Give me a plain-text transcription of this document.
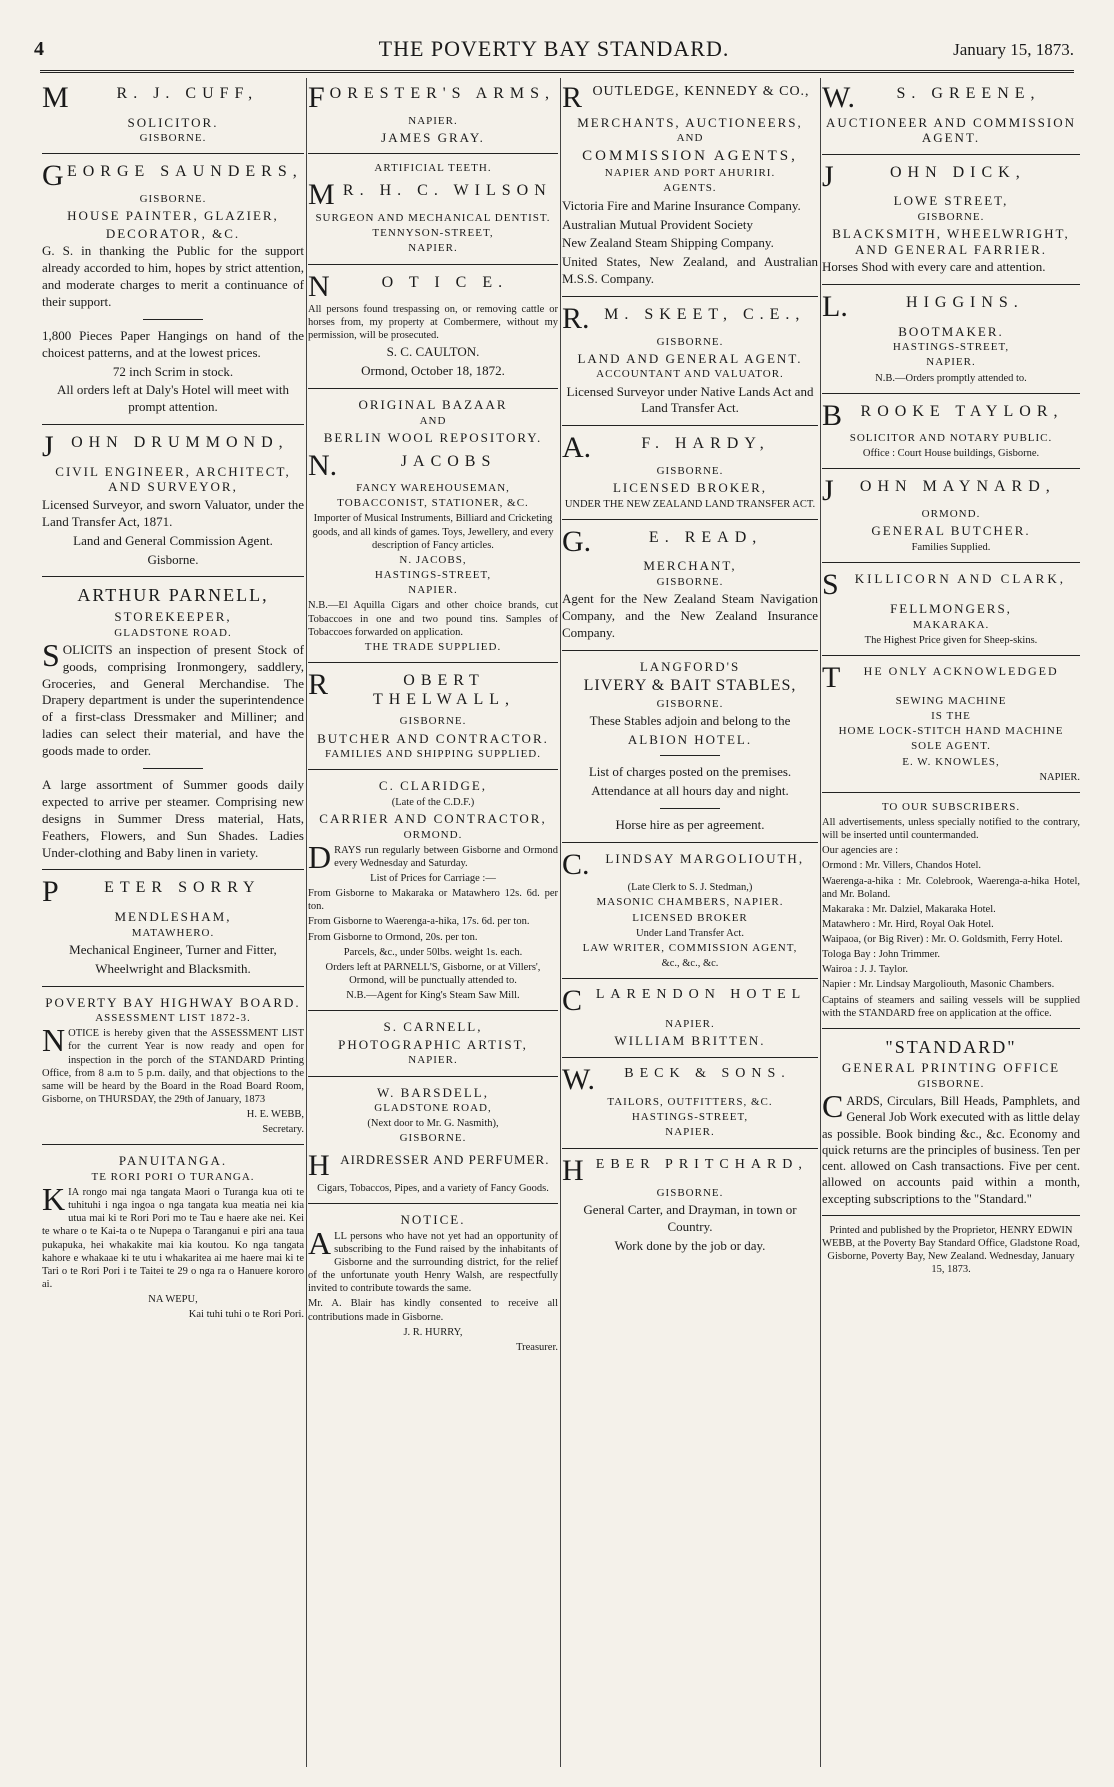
4	THE POVERTY BAY STANDARD.	January 15, 1873.
M	R. J. CUFF,

SOLICITOR.

GISBORNE.

GEORGE SAUNDERS,

GISBORNE.

HOUSE PAINTER, GLAZIER,

DECORATOR, &C.

G. S. in thanking the Public for the support already accorded to him, hopes by strict attention, and moderate charges to merit a continuance of their support.

1,800 Pieces Paper Hangings on hand of the choicest patterns, and at the lowest prices.

72 inch Scrim in stock.

All orders left at Daly's Hotel will meet with prompt attention.

J OHN DRUMMOND,

CIVIL ENGINEER, ARCHITECT, AND SURVEYOR,

Licensed Surveyor, and sworn Valuator, under the Land Transfer Act, 1871.

Land and General Commission Agent.

Gisborne.

ARTHUR PARNELL,

STOREKEEPER,

GLADSTONE ROAD.

SOLICITS an inspection of present Stock of goods, comprising Ironmongery, saddlery, Groceries, and General Merchandise. The Drapery department is under the superintendence of a first-class Dressmaker and Milliner; and ladies can select their material, and have the goods made to order.

A large assortment of Summer goods daily expected to arrive per steamer. Comprising new designs in Summer Dress material, Hats, Feathers, Flowers, and Sun Shades. Ladies Under-clothing and Baby linen in variety.

P	ETER SORRY

MENDLESHAM,

MATAWHERO.

Mechanical Engineer, Turner and Fitter,

Wheelwright and Blacksmith.

POVERTY BAY HIGHWAY BOARD.

ASSESSMENT LIST 1872-3.

NOTICE is hereby given that the ASSESSMENT LIST for the current Year is now ready and open for inspection in the porch of the STANDARD Printing Office, from 8 a.m to 5 p.m. daily, and that objections to the same will be heard by the Board in the Road Board Room, Gisborne, on THURSDAY, the 29th of January, 1873

H. E. WEBB,

Secretary.

PANUITANGA.

TE RORI PORI O TURANGA.

KIA rongo mai nga tangata Maori o Turanga kua oti te tuhituhi i nga ingoa o nga tangata kua meatia nei kia utua mai ki te Rori Pori mo te Tau e haere ake nei. Kei te whare o te Kai-ta o te Nupepa o Taranganui e piri ana taua pukapuka, hei whakakite mai kia koutou. Ko nga tangata kahore e whakaae ki te utu i whakaritea ai me haere mai ki te Tari o te Rori Pori i te Taitei te 29 o nga ra o Hanuere kororo ai.

NA WEPU,

Kai tuhi tuhi o te Rori Pori.

FORESTER'S ARMS,

NAPIER.

JAMES GRAY.

ARTIFICIAL TEETH.

M R. H. C. WILSON

SURGEON AND MECHANICAL DENTIST.

TENNYSON-STREET,

NAPIER.

N	O T I C E.

All persons found trespassing on, or removing cattle or horses from, my property at Combermere, without my permission, will be prosecuted.

S. C. CAULTON.

Ormond, October 18, 1872.

ORIGINAL BAZAAR

AND

BERLIN WOOL REPOSITORY.

N.	JACOBS

FANCY WAREHOUSEMAN,

TOBACCONIST, STATIONER, &C.

Importer of Musical Instruments, Billiard and Cricketing goods, and all kinds of games. Toys, Jewellery, and every description of Fancy articles.

N. JACOBS,

HASTINGS-STREET,

NAPIER.

N.B.—El Aquilla Cigars and other choice brands, cut Tobaccoes in one and two pound tins. Samples of Tobaccoes forwarded on application.

THE TRADE SUPPLIED.

R	OBERT THELWALL,

GISBORNE.

BUTCHER AND CONTRACTOR.

FAMILIES AND SHIPPING SUPPLIED.

C. CLARIDGE,

(Late of the C.D.F.)

CARRIER AND CONTRACTOR,

ORMOND.

DRAYS run regularly between Gisborne and Ormond every Wednesday and Saturday.

List of Prices for Carriage :—

From Gisborne to Makaraka or Matawhero 12s. 6d. per ton.

From Gisborne to Waerenga-a-hika, 17s. 6d. per ton.

From Gisborne to Ormond, 20s. per ton.

Parcels, &c., under 50lbs. weight 1s. each.

Orders left at PARNELL'S, Gisborne, or at Villers', Ormond, will be punctually attended to.

N.B.—Agent for King's Steam Saw Mill.

S. CARNELL,

PHOTOGRAPHIC ARTIST,

NAPIER.

W. BARSDELL,

GLADSTONE ROAD,

(Next door to Mr. G. Nasmith),

GISBORNE.

HAIRDRESSER AND PERFUMER.

Cigars, Tobaccos, Pipes, and a variety of Fancy Goods.

NOTICE.

ALL persons who have not yet had an opportunity of subscribing to the Fund raised by the inhabitants of Gisborne and the surrounding district, for the relief of the unfortunate youth Henry Walsh, are respectfully invited to contribute towards the same.

Mr. A. Blair has kindly consented to receive all contributions made in Gisborne.

J. R. HURRY,

Treasurer.

ROUTLEDGE, KENNEDY & CO.,

MERCHANTS, AUCTIONEERS,

AND

COMMISSION AGENTS,

NAPIER AND PORT AHURIRI.

AGENTS.

Victoria Fire and Marine Insurance Company.

Australian Mutual Provident Society

New Zealand Steam Shipping Company.

United States, New Zealand, and Australian M.S.S. Company.

R. M. SKEET, C.E.,

GISBORNE.

LAND AND GENERAL AGENT.

ACCOUNTANT AND VALUATOR.

Licensed Surveyor under Native Lands Act and Land Transfer Act.

A.	F. HARDY,

GISBORNE.

LICENSED BROKER,

UNDER THE NEW ZEALAND LAND TRANSFER ACT.

G.	E. READ,

MERCHANT,

GISBORNE.

Agent for the New Zealand Steam Navigation Company, and the New Zealand Insurance Company.

LANGFORD'S

LIVERY & BAIT STABLES,

GISBORNE.

These Stables adjoin and belong to the

ALBION HOTEL.

List of charges posted on the premises.

Attendance at all hours day and night.

Horse hire as per agreement.

C. LINDSAY MARGOLIOUTH,

(Late Clerk to S. J. Stedman,)

MASONIC CHAMBERS, NAPIER.

LICENSED BROKER

Under Land Transfer Act.

LAW WRITER, COMMISSION AGENT,

&c., &c., &c.

CLARENDON HOTEL

NAPIER.

WILLIAM BRITTEN.

W. BECK & SONS.

TAILORS, OUTFITTERS, &C.

HASTINGS-STREET,

NAPIER.

HEBER PRITCHARD,

GISBORNE.

General Carter, and Drayman, in town or Country.

Work done by the job or day.

W.	S. GREENE,

AUCTIONEER AND COMMISSION AGENT.

J	OHN DICK,

LOWE STREET,

GISBORNE.

BLACKSMITH, WHEELWRIGHT, AND GENERAL FARRIER.

Horses Shod with every care and attention.

L.	HIGGINS.

BOOTMAKER.

HASTINGS-STREET,

NAPIER.

N.B.—Orders promptly attended to.

B ROOKE TAYLOR,

SOLICITOR AND NOTARY PUBLIC.

Office : Court House buildings, Gisborne.

J OHN MAYNARD,

ORMOND.

GENERAL BUTCHER.

Families Supplied.

S KILLICORN AND CLARK,

FELLMONGERS,

MAKARAKA.

The Highest Price given for Sheep-skins.

T HE ONLY ACKNOWLEDGED

SEWING MACHINE

IS THE

HOME LOCK-STITCH HAND MACHINE

SOLE AGENT.

E. W. KNOWLES,

NAPIER.

TO OUR SUBSCRIBERS.

All advertisements, unless specially notified to the contrary, will be inserted until countermanded.

Our agencies are :

Ormond : Mr. Villers, Chandos Hotel.

Waerenga-a-hika : Mr. Colebrook, Waerenga-a-hika Hotel, and Mr. Boland.

Makaraka : Mr. Dalziel, Makaraka Hotel.

Matawhero : Mr. Hird, Royal Oak Hotel.

Waipaoa, (or Big River) : Mr. O. Goldsmith, Ferry Hotel.

Tologa Bay : John Trimmer.

Wairoa : J. J. Taylor.

Napier : Mr. Lindsay Margoliouth, Masonic Chambers.

Captains of steamers and sailing vessels will be supplied with the STANDARD free on application at the office.

"STANDARD"

GENERAL PRINTING OFFICE

GISBORNE.

CARDS, Circulars, Bill Heads, Pamphlets, and General Job Work executed with as little delay as possible. Book binding &c., &c. Economy and quick returns are the principles of business. Ten per cent. allowed on Cash transactions. Five per cent. allowed on accounts paid within a month, excepting subscriptions to the "Standard."

Printed and published by the Proprietor, HENRY EDWIN WEBB, at the Poverty Bay Standard Office, Gladstone Road, Gisborne, Poverty Bay, New Zealand. Wednesday, January 15, 1873.
